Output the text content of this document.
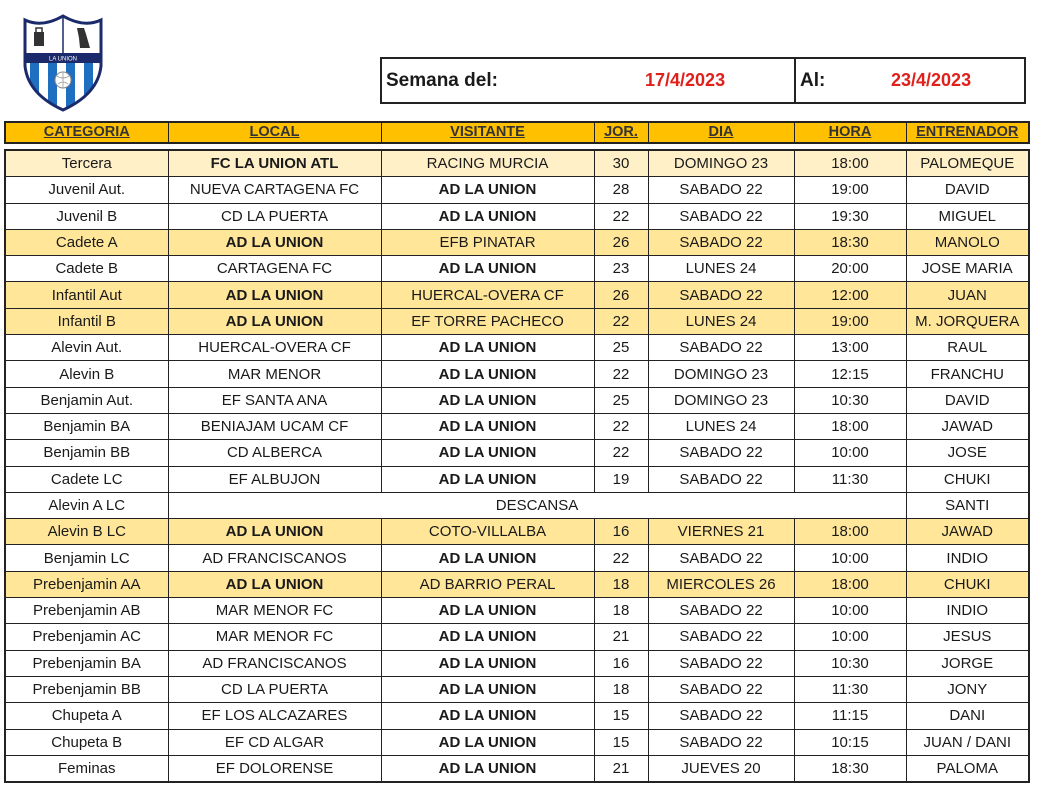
LA UNION
Semana del:	17/4/2023	Al:	23/4/2023
CATEGORIA	LOCAL	VISITANTE	JOR.	DIA	HORA	ENTRENADOR

Tercera	FC LA UNION ATL	RACING MURCIA	30	DOMINGO 23	18:00	PALOMEQUE
Juvenil Aut.	NUEVA CARTAGENA FC	AD LA UNION	28	SABADO 22	19:00	DAVID
Juvenil B	CD LA PUERTA	AD LA UNION	22	SABADO 22	19:30	MIGUEL
Cadete A	AD LA UNION	EFB PINATAR	26	SABADO 22	18:30	MANOLO
Cadete B	CARTAGENA FC	AD LA UNION	23	LUNES 24	20:00	JOSE MARIA
Infantil Aut	AD LA UNION	HUERCAL-OVERA CF	26	SABADO 22	12:00	JUAN
Infantil B	AD LA UNION	EF TORRE PACHECO	22	LUNES 24	19:00	M. JORQUERA
Alevin Aut.	HUERCAL-OVERA CF	AD LA UNION	25	SABADO 22	13:00	RAUL
Alevin B	MAR MENOR	AD LA UNION	22	DOMINGO 23	12:15	FRANCHU
Benjamin Aut.	EF SANTA ANA	AD LA UNION	25	DOMINGO 23	10:30	DAVID
Benjamin BA	BENIAJAM UCAM CF	AD LA UNION	22	LUNES 24	18:00	JAWAD
Benjamin BB	CD ALBERCA	AD LA UNION	22	SABADO 22	10:00	JOSE
Cadete LC	EF ALBUJON	AD LA UNION	19	SABADO 22	11:30	CHUKI
Alevin A LC	DESCANSA					SANTI
Alevin B LC	AD LA UNION	COTO-VILLALBA	16	VIERNES 21	18:00	JAWAD
Benjamin LC	AD FRANCISCANOS	AD LA UNION	22	SABADO 22	10:00	INDIO
Prebenjamin AA	AD LA UNION	AD BARRIO PERAL	18	MIERCOLES 26	18:00	CHUKI
Prebenjamin AB	MAR MENOR FC	AD LA UNION	18	SABADO 22	10:00	INDIO
Prebenjamin AC	MAR MENOR FC	AD LA UNION	21	SABADO 22	10:00	JESUS
Prebenjamin BA	AD FRANCISCANOS	AD LA UNION	16	SABADO 22	10:30	JORGE
Prebenjamin BB	CD LA PUERTA	AD LA UNION	18	SABADO 22	11:30	JONY
Chupeta A	EF LOS ALCAZARES	AD LA UNION	15	SABADO 22	11:15	DANI
Chupeta B	EF CD ALGAR	AD LA UNION	15	SABADO 22	10:15	JUAN / DANI
Feminas	EF DOLORENSE	AD LA UNION	21	JUEVES 20	18:30	PALOMA
